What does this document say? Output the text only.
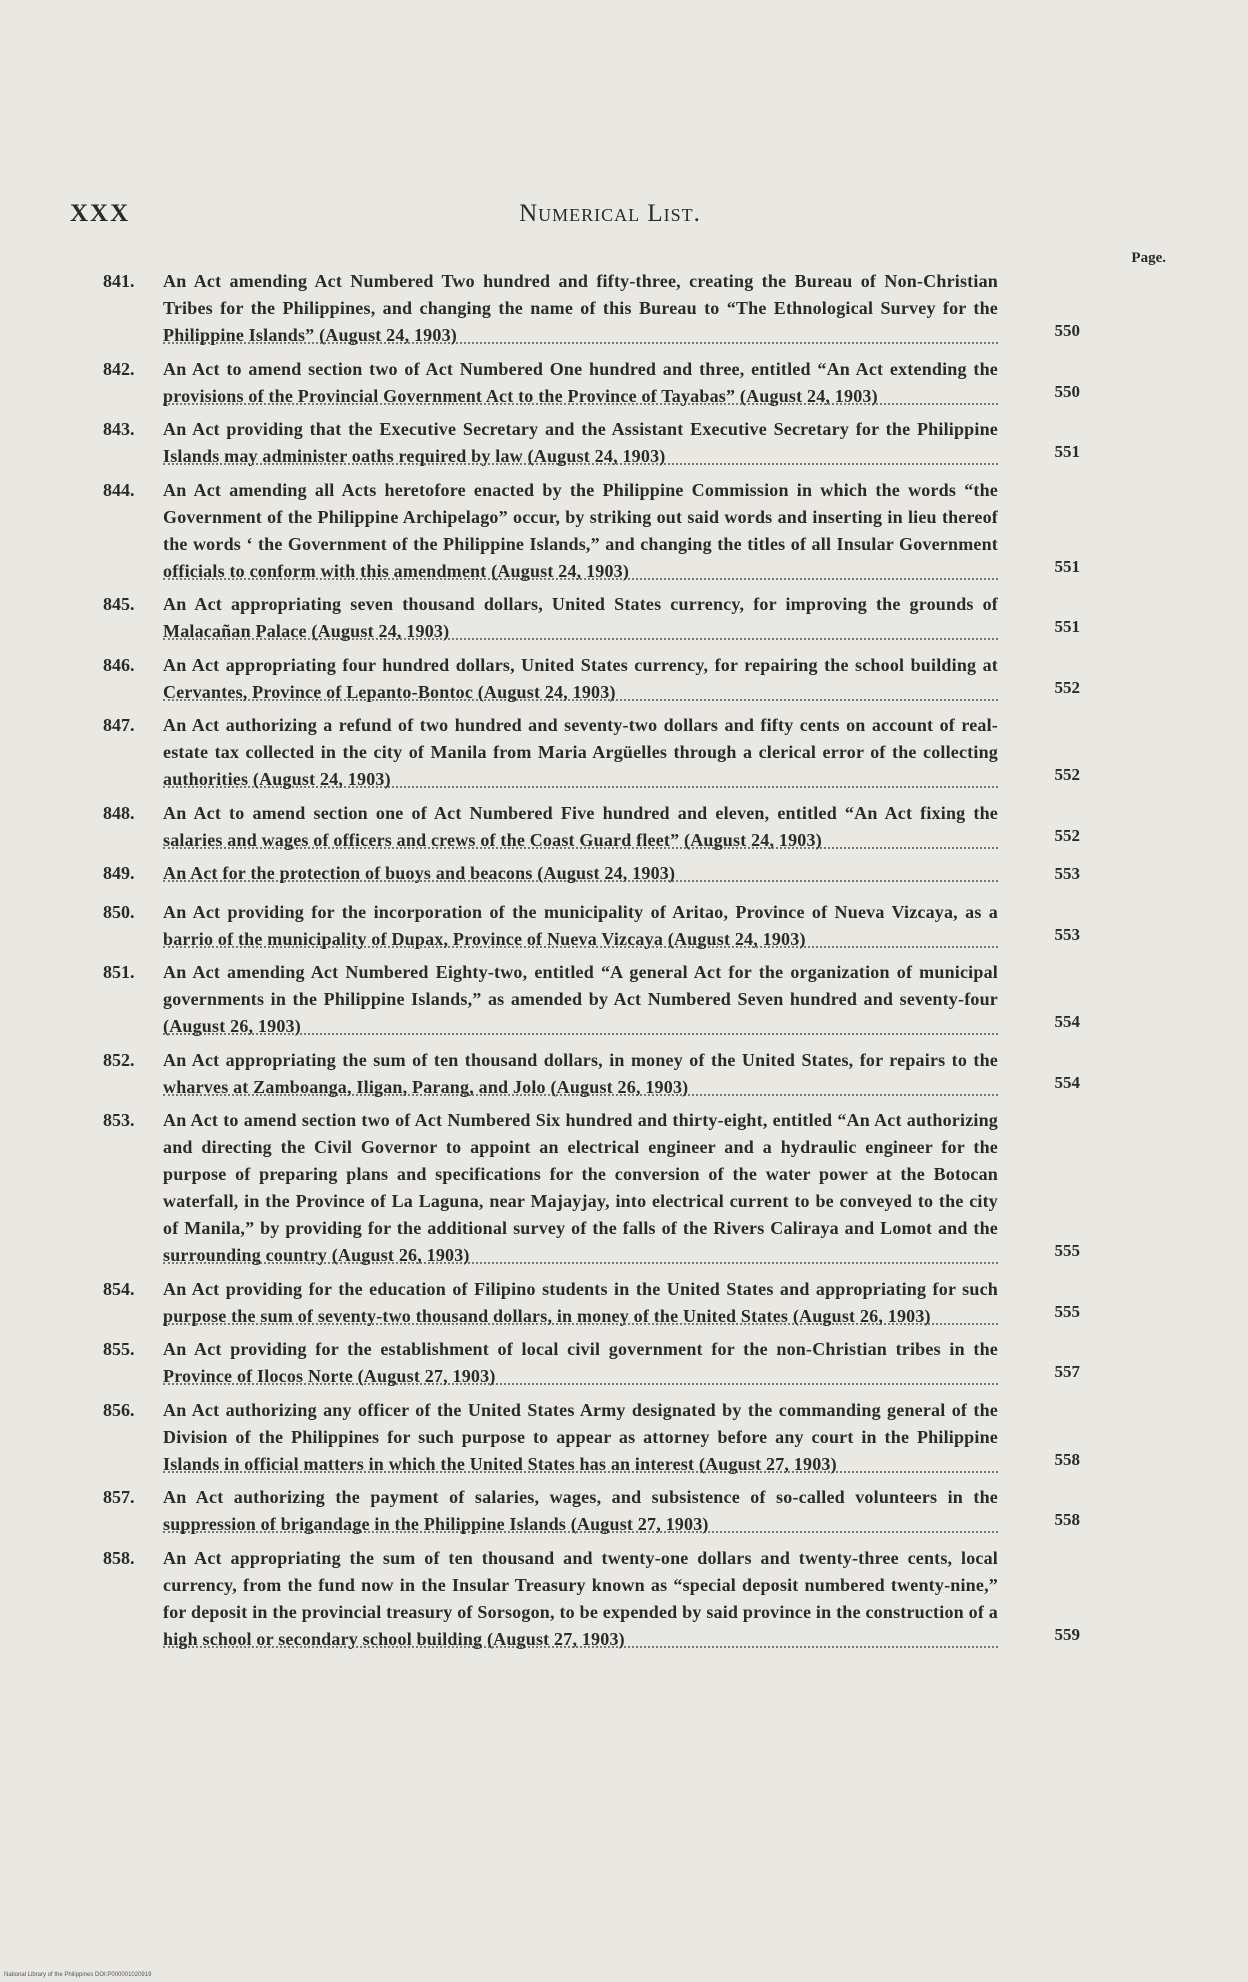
XXX	Numerical List.
Page.
841.	An Act amending Act Numbered Two hundred and fifty-three, creating the Bureau of Non-Christian Tribes for the Philippines, and changing the name of this Bureau to “The Ethnological Survey for the Philippine Islands” (August 24, 1903)	550
842.	An Act to amend section two of Act Numbered One hundred and three, entitled “An Act extending the provisions of the Provincial Government Act to the Province of Tayabas” (August 24, 1903)	550
843.	An Act providing that the Executive Secretary and the Assistant Executive Secretary for the Philippine Islands may administer oaths required by law (August 24, 1903)	551
844.	An Act amending all Acts heretofore enacted by the Philippine Commission in which the words “the Government of the Philippine Archipelago” occur, by striking out said words and inserting in lieu thereof the words ‘ the Government of the Philippine Islands,” and changing the titles of all Insular Government officials to conform with this amendment (August 24, 1903)	551
845.	An Act appropriating seven thousand dollars, United States currency, for improving the grounds of Malacañan Palace (August 24, 1903)	551
846.	An Act appropriating four hundred dollars, United States currency, for repairing the school building at Cervantes, Province of Lepanto-Bontoc (August 24, 1903)	552
847.	An Act authorizing a refund of two hundred and seventy-two dollars and fifty cents on account of real-estate tax collected in the city of Manila from Maria Argüelles through a clerical error of the collecting authorities (August 24, 1903)	552
848.	An Act to amend section one of Act Numbered Five hundred and eleven, entitled “An Act fixing the salaries and wages of officers and crews of the Coast Guard fleet” (August 24, 1903)	552
849.	An Act for the protection of buoys and beacons (August 24, 1903)	553
850.	An Act providing for the incorporation of the municipality of Aritao, Province of Nueva Vizcaya, as a barrio of the municipality of Dupax, Province of Nueva Vizcaya (August 24, 1903)	553
851.	An Act amending Act Numbered Eighty-two, entitled “A general Act for the organization of municipal governments in the Philippine Islands,” as amended by Act Numbered Seven hundred and seventy-four (August 26, 1903)	554
852.	An Act appropriating the sum of ten thousand dollars, in money of the United States, for repairs to the wharves at Zamboanga, Iligan, Parang, and Jolo (August 26, 1903)	554
853.	An Act to amend section two of Act Numbered Six hundred and thirty-eight, entitled “An Act authorizing and directing the Civil Governor to appoint an electrical engineer and a hydraulic engineer for the purpose of preparing plans and specifications for the conversion of the water power at the Botocan waterfall, in the Province of La Laguna, near Majayjay, into electrical current to be conveyed to the city of Manila,” by providing for the additional survey of the falls of the Rivers Caliraya and Lomot and the surrounding country (August 26, 1903)	555
854.	An Act providing for the education of Filipino students in the United States and appropriating for such purpose the sum of seventy-two thousand dollars, in money of the United States (August 26, 1903)	555
855.	An Act providing for the establishment of local civil government for the non-Christian tribes in the Province of Ilocos Norte (August 27, 1903)	557
856.	An Act authorizing any officer of the United States Army designated by the commanding general of the Division of the Philippines for such purpose to appear as attorney before any court in the Philippine Islands in official matters in which the United States has an interest (August 27, 1903)	558
857.	An Act authorizing the payment of salaries, wages, and subsistence of so-called volunteers in the suppression of brigandage in the Philippine Islands (August 27, 1903)	558
858.	An Act appropriating the sum of ten thousand and twenty-one dollars and twenty-three cents, local currency, from the fund now in the Insular Treasury known as “special deposit numbered twenty-nine,” for deposit in the provincial treasury of Sorsogon, to be expended by said province in the construction of a high school or secondary school building (August 27, 1903)	559
National Library of the Philippines DOI:P000001020919
